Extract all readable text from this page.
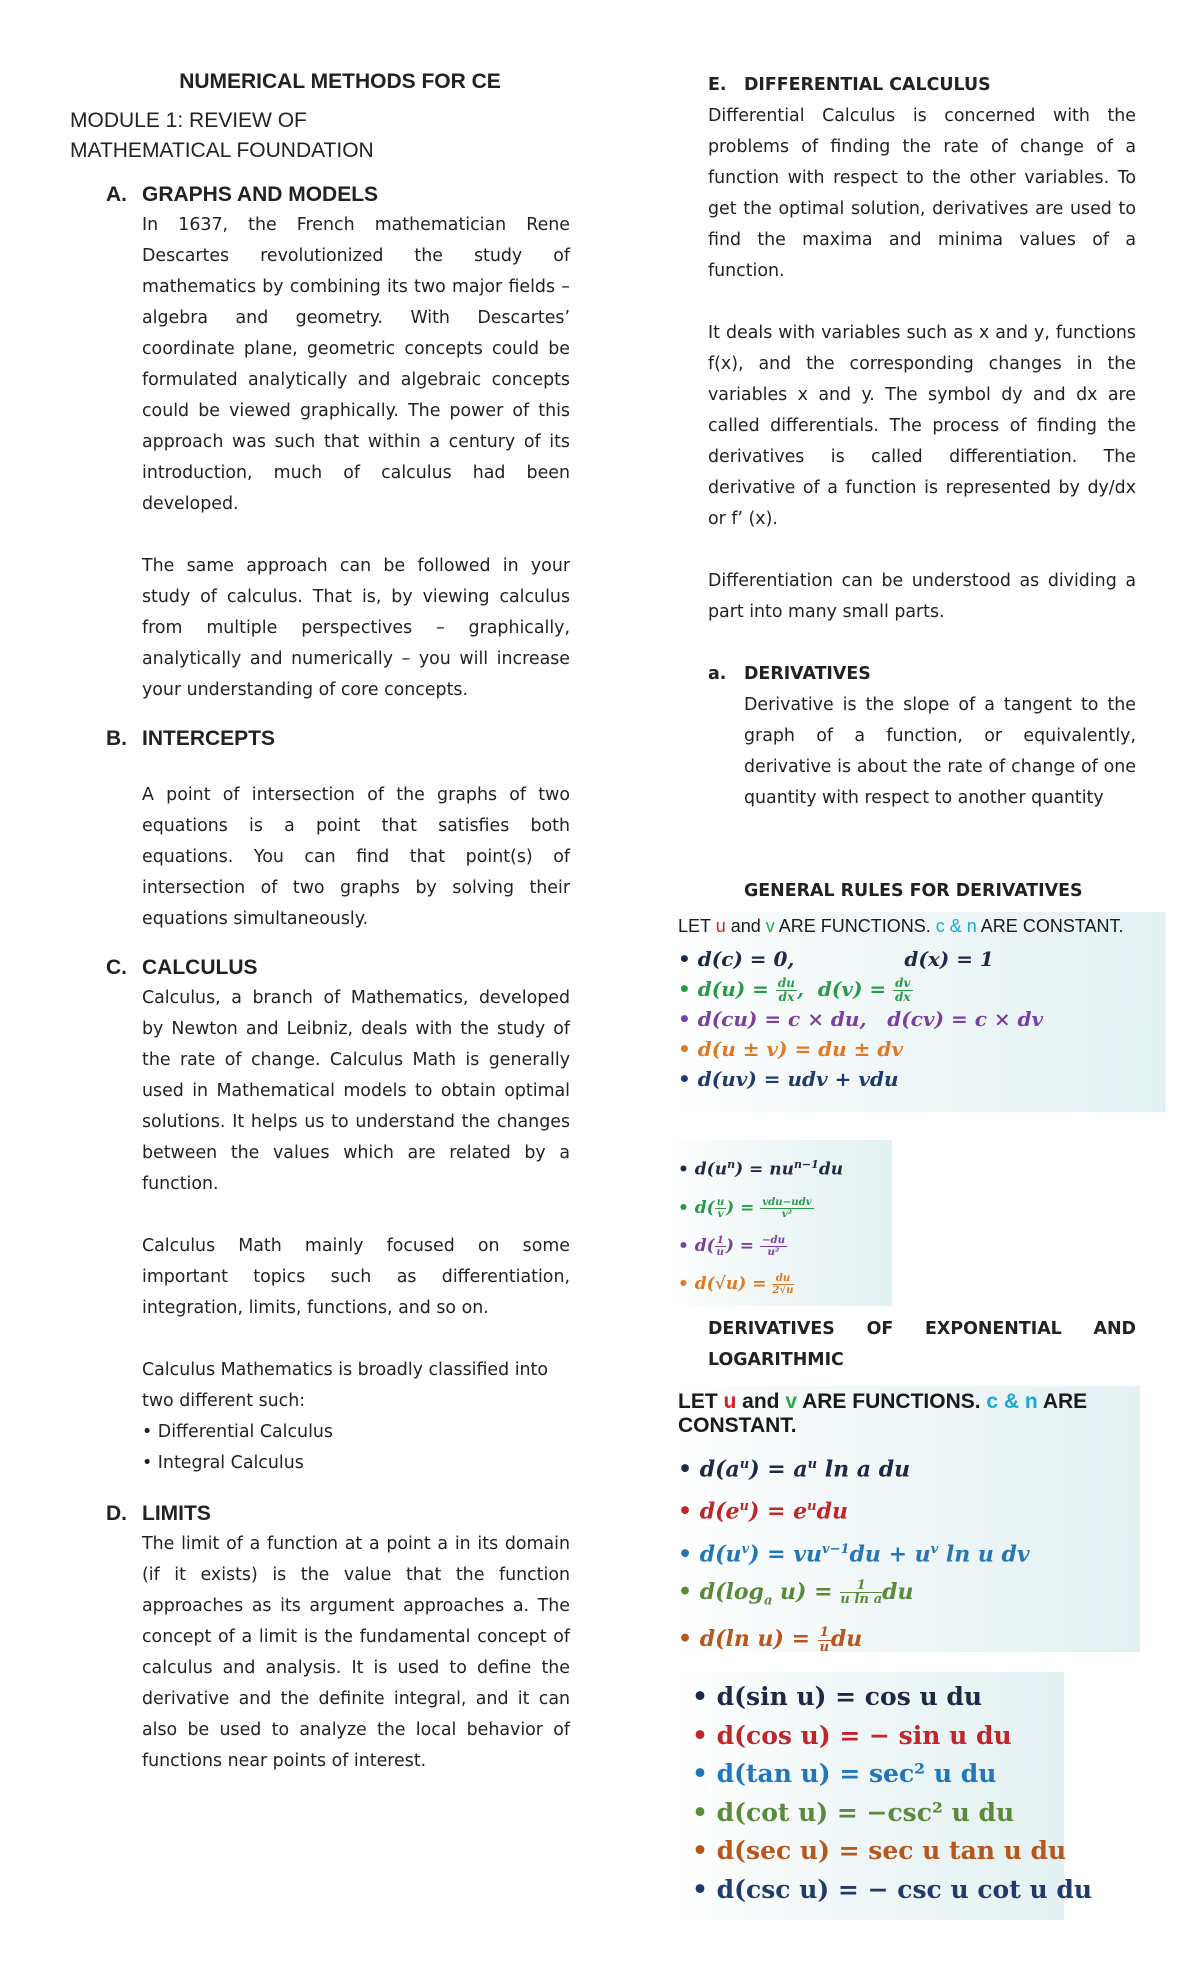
NUMERICAL METHODS FOR CE
MODULE 1: REVIEW OF MATHEMATICAL FOUNDATION
A. GRAPHS AND MODELS

In 1637, the French mathematician Rene Descartes revolutionized the study of mathematics by combining its two major fields – algebra and geometry. With Descartes’ coordinate plane, geometric concepts could be formulated analytically and algebraic concepts could be viewed graphically. The power of this approach was such that within a century of its introduction, much of calculus had been developed.

The same approach can be followed in your study of calculus. That is, by viewing calculus from multiple perspectives – graphically, analytically and numerically – you will increase your understanding of core concepts.

B. INTERCEPTS

A point of intersection of the graphs of two equations is a point that satisfies both equations. You can find that point(s) of intersection of two graphs by solving their equations simultaneously.

C. CALCULUS

Calculus, a branch of Mathematics, developed by Newton and Leibniz, deals with the study of the rate of change. Calculus Math is generally used in Mathematical models to obtain optimal solutions. It helps us to understand the changes between the values which are related by a function.

Calculus Math mainly focused on some important topics such as differentiation, integration, limits, functions, and so on.

Calculus Mathematics is broadly classified into two different such:

• Differential Calculus
• Integral Calculus
D. LIMITS

The limit of a function at a point a in its domain (if it exists) is the value that the function approaches as its argument approaches a. The concept of a limit is the fundamental concept of calculus and analysis. It is used to define the derivative and the definite integral, and it can also be used to analyze the local behavior of functions near points of interest.

E. DIFFERENTIAL CALCULUS

Differential Calculus is concerned with the problems of finding the rate of change of a function with respect to the other variables. To get the optimal solution, derivatives are used to find the maxima and minima values of a function.

It deals with variables such as x and y, functions f(x), and the corresponding changes in the variables x and y. The symbol dy and dx are called differentials. The process of finding the derivatives is called differentiation. The derivative of a function is represented by dy/dx or f’ (x).

Differentiation can be understood as dividing a part into many small parts.

a. DERIVATIVES

Derivative is the slope of a tangent to the graph of a function, or equivalently, derivative is about the rate of change of one quantity with respect to another quantity

GENERAL RULES FOR DERIVATIVES
LET u and v ARE FUNCTIONS. c & n ARE CONSTANT.
• d(c) = 0,	d(x) = 1
• $d(u) = \frac{du}{dx}$ ,  $d(v) = \frac{dv}{dx}$
• d(cu) = c × du,   d(cv) = c × dv
• d(u ± v) = du ± dv
• d(uv) = udv + vdu
• $d(u^n) = nu^{n-1}du$
• $d( \frac{u}{v}$ ) = $\frac{\text{vdu−udv}}{\text{v²}}$
• $d( \frac{1}{u}$ ) = $\frac{-du}{\text{u²}}$
• $d(√u) = \frac{du}{2√u}$
DERIVATIVES OF EXPONENTIAL AND LOGARITHMIC
LET u and v ARE FUNCTIONS. c & n ARE CONSTANT.
• $d(a^u) = a^u$ ln a du
• $d(e^u) = e^udu$
• $d(u^v) = vu^{v-1}du + u^v$ ln u dv
• $d(\log_a$ $u) = \frac{1}{\text{u ln a}}$ du
• d(ln $u) = \frac{1}{u}$ du
• d(sin u) = cos u du
• d(cos u) = − sin u du
• d(tan u) = sec² u du
• d(cot u) = −csc² u du
• d(sec u) = sec u tan u du
• d(csc u) = − csc u cot u du
